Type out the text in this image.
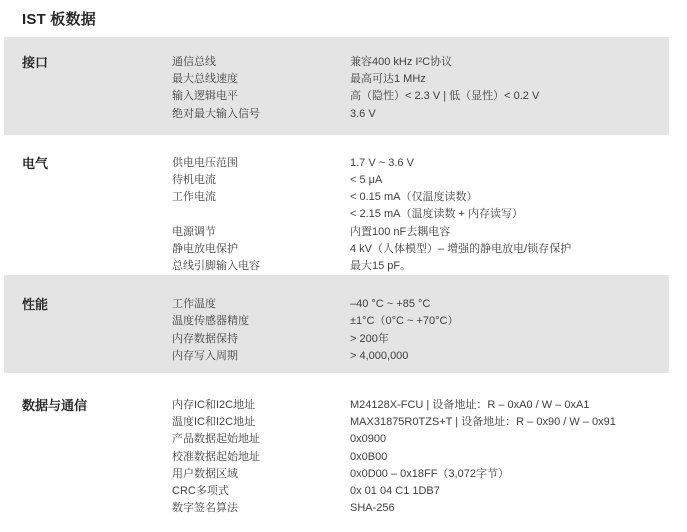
IST 板数据
接口	通信总线	兼容400 kHz I²C协议
最大总线速度	最高可达1 MHz
输入逻辑电平	高（隐性）< 2.3 V | 低（显性）< 0.2 V
绝对最大输入信号	3.6 V
电气	供电电压范围	1.7 V ~ 3.6 V
待机电流	< 5 μA
工作电流	< 0.15 mA（仅温度读数）
< 2.15 mA（温度读数 + 内存读写）
电源调节	内置100 nF去耦电容
静电放电保护	4 kV（人体模型）– 增强的静电放电/锁存保护
总线引脚输入电容	最大15 pF。
性能	工作温度	–40 °C ~ +85 °C
温度传感器精度	±1°C（0°C ~ +70°C）
内存数据保持	> 200年
内存写入周期	> 4,000,000
数据与通信	内存IC和I2C地址	M24128X-FCU | 设备地址：R – 0xA0 / W – 0xA1
温度IC和I2C地址	MAX31875R0TZS+T | 设备地址：R – 0x90 / W – 0x91
产品数据起始地址	0x0900
校准数据起始地址	0x0B00
用户数据区域	0x0D00 – 0x18FF（3,072字节）
CRC多项式	0x 01 04 C1 1DB7
数字签名算法	SHA-256
